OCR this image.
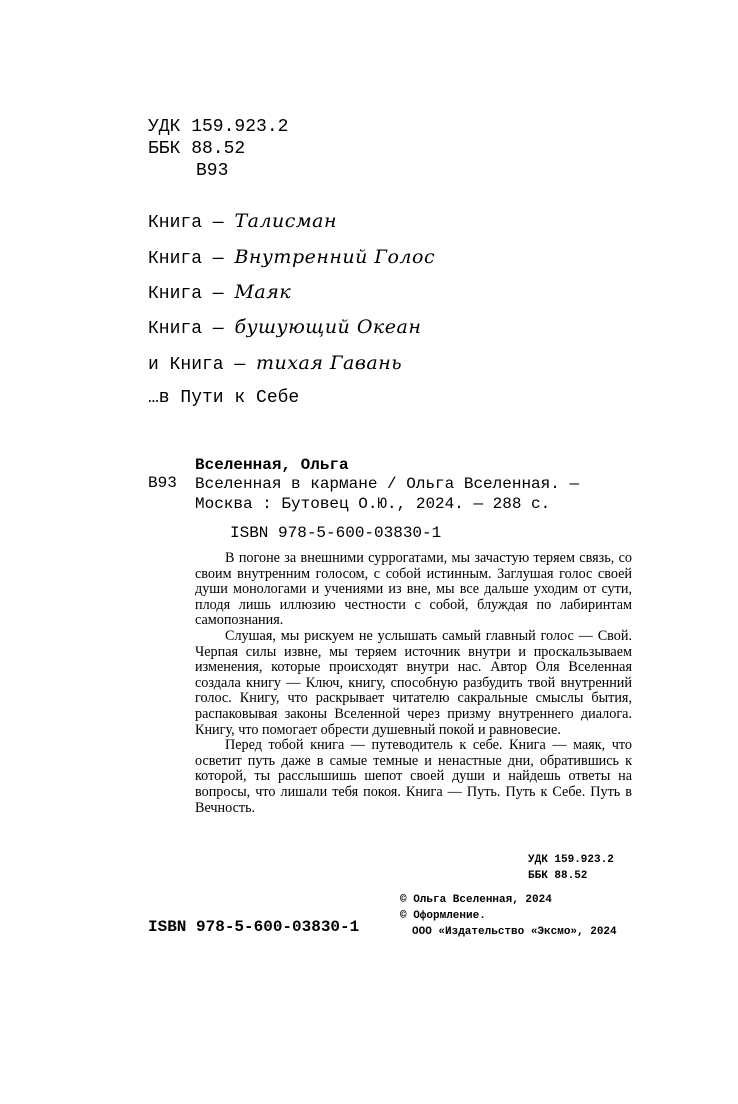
УДК 159.923.2
ББК 88.52
В93
Книга — Талисман
Книга — Внутренний Голос
Книга — Маяк
Книга — бушующий Океан
и Книга — тихая Гавань
…в Пути к Себе
Вселенная, Ольга
В93 Вселенная в кармане / Ольга Вселенная. —
Москва : Бутовец О.Ю., 2024. — 288 с.
ISBN 978-5-600-03830-1

В погоне за внешними суррогатами, мы зачастую теряем связь, со своим внутренним голосом, с собой истинным. Заглушая голос своей души монологами и учениями из вне, мы все дальше уходим от сути, плодя лишь иллюзию честности с собой, блуждая по лабиринтам самопознания.

Слушая, мы рискуем не услышать самый главный голос — Свой. Черпая силы извне, мы теряем источник внутри и проскальзываем изменения, которые происходят внутри нас. Автор Оля Вселенная создала книгу — Ключ, книгу, способную разбудить твой внутренний голос. Книгу, что раскрывает читателю сакральные смыслы бытия, распаковывая законы Вселенной через призму внутреннего диалога. Книгу, что помогает обрести душевный покой и равновесие.

Перед тобой книга — путеводитель к себе. Книга — маяк, что осветит путь даже в самые темные и ненастные дни, обратившись к которой, ты расслышишь шепот своей души и найдешь ответы на вопросы, что лишали тебя покоя. Книга — Путь. Путь к Себе. Путь в Вечность.

УДК 159.923.2
ББК 88.52
© Ольга Вселенная, 2024
© Оформление.
ООО «Издательство «Эксмо», 2024
ISBN 978-5-600-03830-1
